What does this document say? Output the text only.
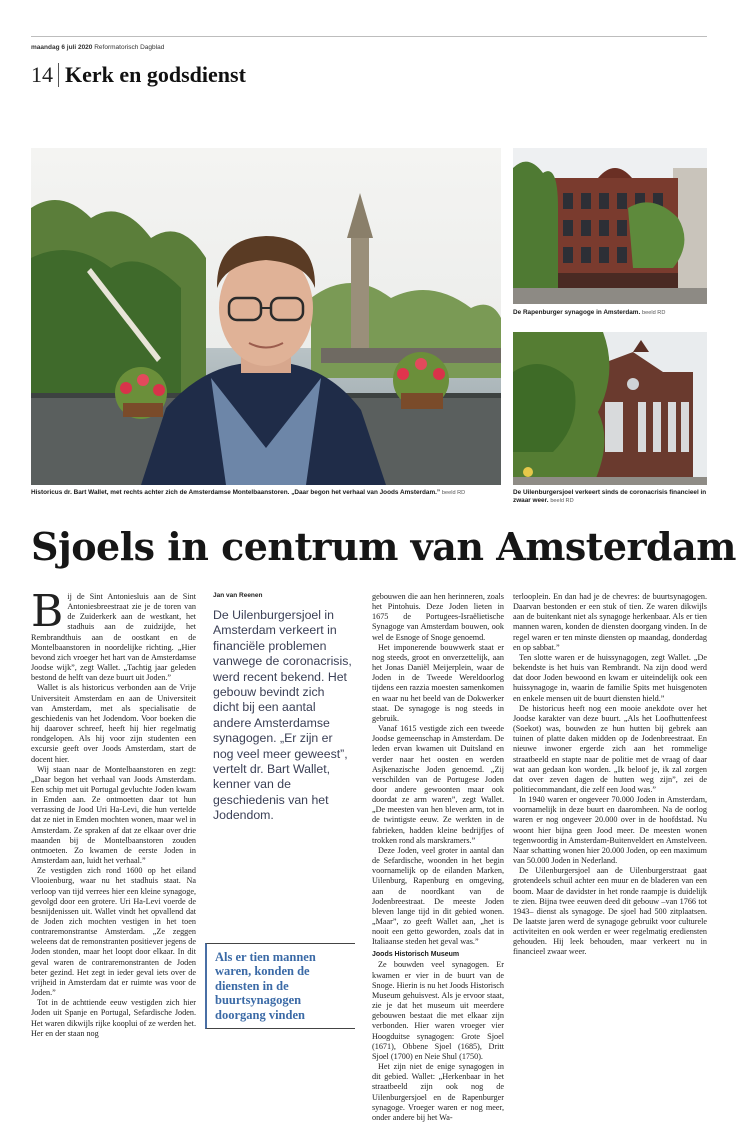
maandag 6 juli 2020 Reformatorisch Dagblad
14 Kerk en godsdienst
Historicus dr. Bart Wallet, met rechts achter zich de Amsterdamse Montelbaanstoren. „Daar begon het verhaal van Joods Amsterdam.” beeld RD
De Rapenburger synagoge in Amsterdam. beeld RD
De Uilenburgersjoel verkeert sinds de coronacrisis financieel in zwaar weer. beeld RD
Sjoels in centrum van Amsterdam
B ij de Sint Antoniesluis aan de Sint Antoniesbreestraat zie je de toren van de Zuiderkerk aan de westkant, het stadhuis aan de zuidzijde, het Rembrandthuis aan de oostkant en de Montelbaanstoren in noordelijke richting. „Hier bevond zich vroeger het hart van de Amsterdamse Joodse wijk”, zegt Wallet. „Tachtig jaar geleden bestond de helft van deze buurt uit Joden.”

Wallet is als historicus verbonden aan de Vrije Universiteit Amsterdam en aan de Universiteit van Amsterdam, met als specialisatie de geschiedenis van het Jodendom. Voor boeken die hij daarover schreef, heeft hij hier regelmatig rondgelopen. Als hij voor zijn studenten een excursie geeft over Joods Amsterdam, start de docent hier.

Wij staan naar de Montelbaanstoren en zegt: „Daar begon het verhaal van Joods Amsterdam. Een schip met uit Portugal gevluchte Joden kwam in Emden aan. Ze ontmoetten daar tot hun verrassing de Jood Uri Ha-Levi, die hun vertelde dat ze niet in Emden mochten wonen, maar wel in Amsterdam. Ze spraken af dat ze elkaar over drie maanden bij de Montelbaanstoren zouden ontmoeten. Zo kwamen de eerste Joden in Amsterdam aan, luidt het verhaal.”

Ze vestigden zich rond 1600 op het eiland Vlooienburg, waar nu het stadhuis staat. Na verloop van tijd verrees hier een kleine synagoge, gevolgd door een grotere. Uri Ha-Levi voerde de besnijdenissen uit. Wallet vindt het opvallend dat de Joden zich mochten vestigen in het toen contraremonstrantse Amsterdam. „Ze zeggen weleens dat de remonstranten positiever jegens de Joden stonden, maar het loopt door elkaar. In dit geval waren de contraremonstranten de Joden beter gezind. Het zegt in ieder geval iets over de vrijheid in Amsterdam dat er ruimte was voor de Joden.”

Tot in de achttiende eeuw vestigden zich hier Joden uit Spanje en Portugal, Sefardische Joden. Het waren dikwijls rijke kooplui of ze werden het. Her en der staan nog

Jan van Reenen
De Uilenburgersjoel in Amsterdam verkeert in financiële problemen vanwege de coronacrisis, werd recent bekend. Het gebouw bevindt zich dicht bij een aantal andere Amsterdamse synagogen. „Er zijn er nog veel meer geweest”, vertelt dr. Bart Wallet, kenner van de geschiedenis van het Jodendom.
Als er tien mannen waren, konden de diensten in de buurtsynagogen doorgang vinden

gebouwen die aan hen herinneren, zoals het Pintohuis. Deze Joden lieten in 1675 de Portugees-Israëlietische Synagoge van Amsterdam bouwen, ook wel de Esnoge of Snoge genoemd.

Het imponerende bouwwerk staat er nog steeds, groot en onverzettelijk, aan het Jonas Daniël Meijerplein, waar de Joden in de Tweede Wereldoorlog tijdens een razzia moesten samenkomen en waar nu het beeld van de Dokwerker staat. De synagoge is nog steeds in gebruik.

Vanaf 1615 vestigde zich een tweede Joodse gemeenschap in Amsterdam. De leden ervan kwamen uit Duitsland en verder naar het oosten en werden Asjkenazische Joden genoemd. „Zij verschilden van de Portugese Joden door andere gewoonten maar ook doordat ze arm waren”, zegt Wallet. „De meesten van hen bleven arm, tot in de twintigste eeuw. Ze werkten in de fabrieken, hadden kleine bedrijfjes of trokken rond als marskramers.”

Deze Joden, veel groter in aantal dan de Sefardische, woonden in het begin voornamelijk op de eilanden Marken, Uilenburg, Rapenburg en omgeving, aan de noordkant van de Jodenbreestraat. De meeste Joden bleven lange tijd in dit gebied wonen. „Maar”, zo geeft Wallet aan, „het is nooit een getto geworden, zoals dat in Italiaanse steden het geval was.”

Joods Historisch Museum

Ze bouwden veel synagogen. Er kwamen er vier in de buurt van de Snoge. Hierin is nu het Joods Historisch Museum gehuisvest. Als je ervoor staat, zie je dat het museum uit meerdere gebouwen bestaat die met elkaar zijn verbonden. Hier waren vroeger vier Hoogduitse synagogen: Grote Sjoel (1671), Obbene Sjoel (1685), Dritt Sjoel (1700) en Neie Shul (1750).

Het zijn niet de enige synagogen in dit gebied. Wallet: „Herkenbaar in het straatbeeld zijn ook nog de Uilenburgersjoel en de Rapenburger synagoge. Vroeger waren er nog meer, onder andere bij het Wa-

terlooplein. En dan had je de chevres: de buurtsynagogen. Daarvan bestonden er een stuk of tien. Ze waren dikwijls aan de buitenkant niet als synagoge herkenbaar. Als er tien mannen waren, konden de diensten doorgang vinden. In de regel waren er ten minste diensten op maandag, donderdag en op sabbat.”

Ten slotte waren er de huissynagogen, zegt Wallet. „De bekendste is het huis van Rembrandt. Na zijn dood werd dat door Joden bewoond en kwam er uiteindelijk ook een huissynagoge in, waarin de familie Spits met huisgenoten en enkele mensen uit de buurt diensten hield.”

De historicus heeft nog een mooie anekdote over het Joodse karakter van deze buurt. „Als het Loofhuttenfeest (Soekot) was, bouwden ze hun hutten bij gebrek aan tuinen of platte daken midden op de Jodenbreestraat. En nieuwe inwoner ergerde zich aan het rommelige straatbeeld en stapte naar de politie met de vraag of daar wat aan gedaan kon worden. „Ik beloof je, ik zal zorgen dat over zeven dagen de hutten weg zijn”, zei de politiecommandant, die zelf een Jood was.”

In 1940 waren er ongeveer 70.000 Joden in Amsterdam, voornamelijk in deze buurt en daaromheen. Na de oorlog waren er nog ongeveer 20.000 over in de hoofdstad. Nu woont hier bijna geen Jood meer. De meesten wonen tegenwoordig in Amsterdam-Buitenveldert en Amstelveen. Naar schatting wonen hier 20.000 Joden, op een maximum van 50.000 Joden in Nederland.

De Uilenburgersjoel aan de Uilenburgerstraat gaat grotendeels schuil achter een muur en de bladeren van een boom. Maar de davidster in het ronde raampje is duidelijk te zien. Bijna twee eeuwen deed dit gebouw –van 1766 tot 1943– dienst als synagoge. De sjoel had 500 zitplaatsen. De laatste jaren werd de synagoge gebruikt voor culturele activiteiten en ook werden er weer regelmatig erediensten gehouden. Hij leek behouden, maar verkeert nu in financieel zwaar weer.
